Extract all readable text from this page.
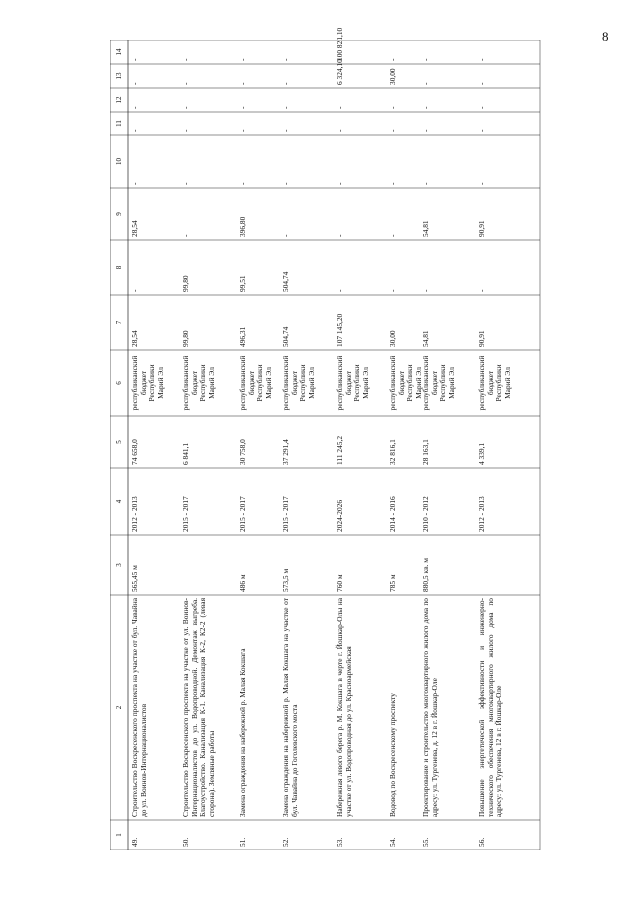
8
1
2
3
4
5
6
7
8
9
10
11
12
13
14
49.
Строительство Воскресенского проспекта на участке от бул. Чавайна до ул. Воинов-Интернационалистов
565,45 м
2012 - 2013
74 658,0
республиканский бюджет Республики Марий Эл
28,54
-
28,54
-
-
-
-
-
50.
Строительство Воскресенского проспекта на участке от ул. Воинов-Интернационалистов до ул. Водопроводной. Демонтаж выгреба. Благоустройство. Канализация К-1. Канализация К-2, К2-2 (левая сторона). Земляные работы
2015 - 2017
6 841,1
республиканский бюджет Республики Марий Эл
99,80
99,80
-
-
-
-
-
-
51.
Замена ограждения на набережной р. Малая Кокшага
486 м
2015 - 2017
30 758,0
республиканский бюджет Республики Марий Эл
496,31
99,51
396,80
-
-
-
-
-
52.
Замена ограждения на набережной р. Малая Кокшага на участке от бул. Чавайна до Гоголевского моста
573,5 м
2015 - 2017
37 291,4
республиканский бюджет Республики Марий Эл
504,74
504,74
-
-
-
-
-
-
53.
Набережная левого берега р. М. Кокшага в черте г. Йошкар-Олы на участке от ул. Водопроводная до ул. Красноармейская
760 м
2024-2026
111 245,2
республиканский бюджет Республики Марий Эл
107 145,20
-
-
-
-
-
6 324,10
100 821,10
54.
Водовод по Воскресенскому проспекту
785 м
2014 - 2016
32 816,1
республиканский бюджет Республики Марий Эл
30,00
-
-
-
-
-
30,00
-
55.
Проектирование и строительство многоквартирного жилого дома по адресу: ул. Тургенева, д. 12 в г. Йошкар-Оле
880,5 кв. м
2010 - 2012
28 163,1
республиканский бюджет Республики Марий Эл
54,81
-
54,81
-
-
-
-
-
56.
Повышение энергетической эффективности и инженерно-технического обеспечения многоквартирного жилого дома по адресу: ул. Тургенева, 12 в г. Йошкар-Оле
2012 - 2013
4 339,1
республиканский бюджет Республики Марий Эл
90,91
-
90,91
-
-
-
-
-
